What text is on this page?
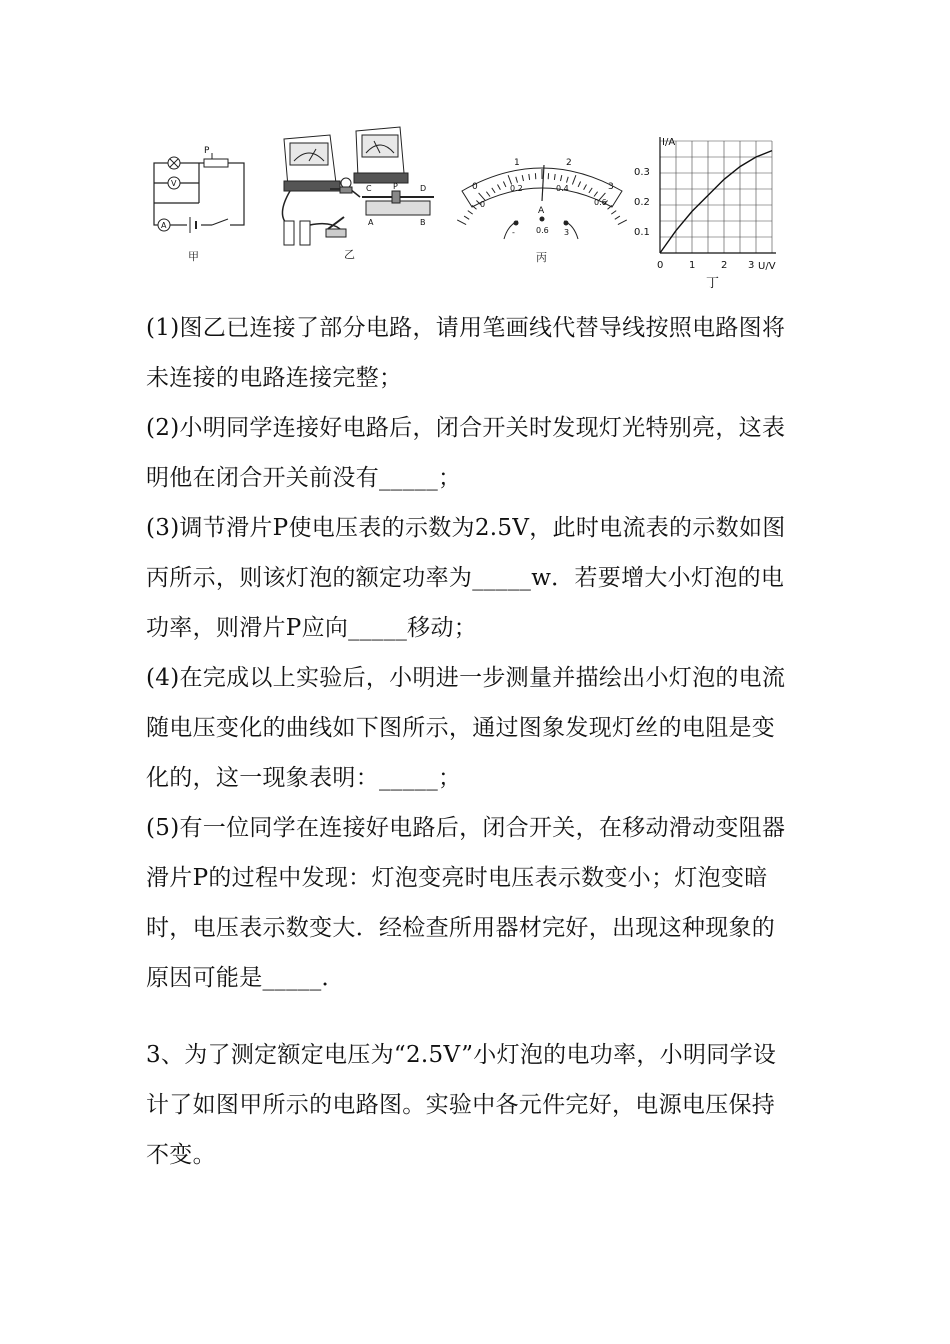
P
V
A
甲
C	P	D
A	B
乙
0
1	2
3
0
0.2	0.4
0.6
A
-	0.6 3
丙
I/A
U/V
0.1
0.2
0.3
0	1	2 3
丁
(1)图乙已连接了部分电路，请用笔画线代替导线按照电路图将
未连接的电路连接完整；
(2)小明同学连接好电路后，闭合开关时发现灯光特别亮，这表
明他在闭合开关前没有_____；
(3)调节滑片P使电压表的示数为2.5V，此时电流表的示数如图
丙所示，则该灯泡的额定功率为_____w．若要增大小灯泡的电
功率，则滑片P应向_____移动；
(4)在完成以上实验后，小明进一步测量并描绘出小灯泡的电流
随电压变化的曲线如下图所示，通过图象发现灯丝的电阻是变
化的，这一现象表明：_____；
(5)有一位同学在连接好电路后，闭合开关，在移动滑动变阻器
滑片P的过程中发现：灯泡变亮时电压表示数变小；灯泡变暗
时，电压表示数变大．经检查所用器材完好，出现这种现象的
原因可能是_____．
3、为了测定额定电压为“2.5V”小灯泡的电功率，小明同学设
计了如图甲所示的电路图。实验中各元件完好，电源电压保持
不变。
